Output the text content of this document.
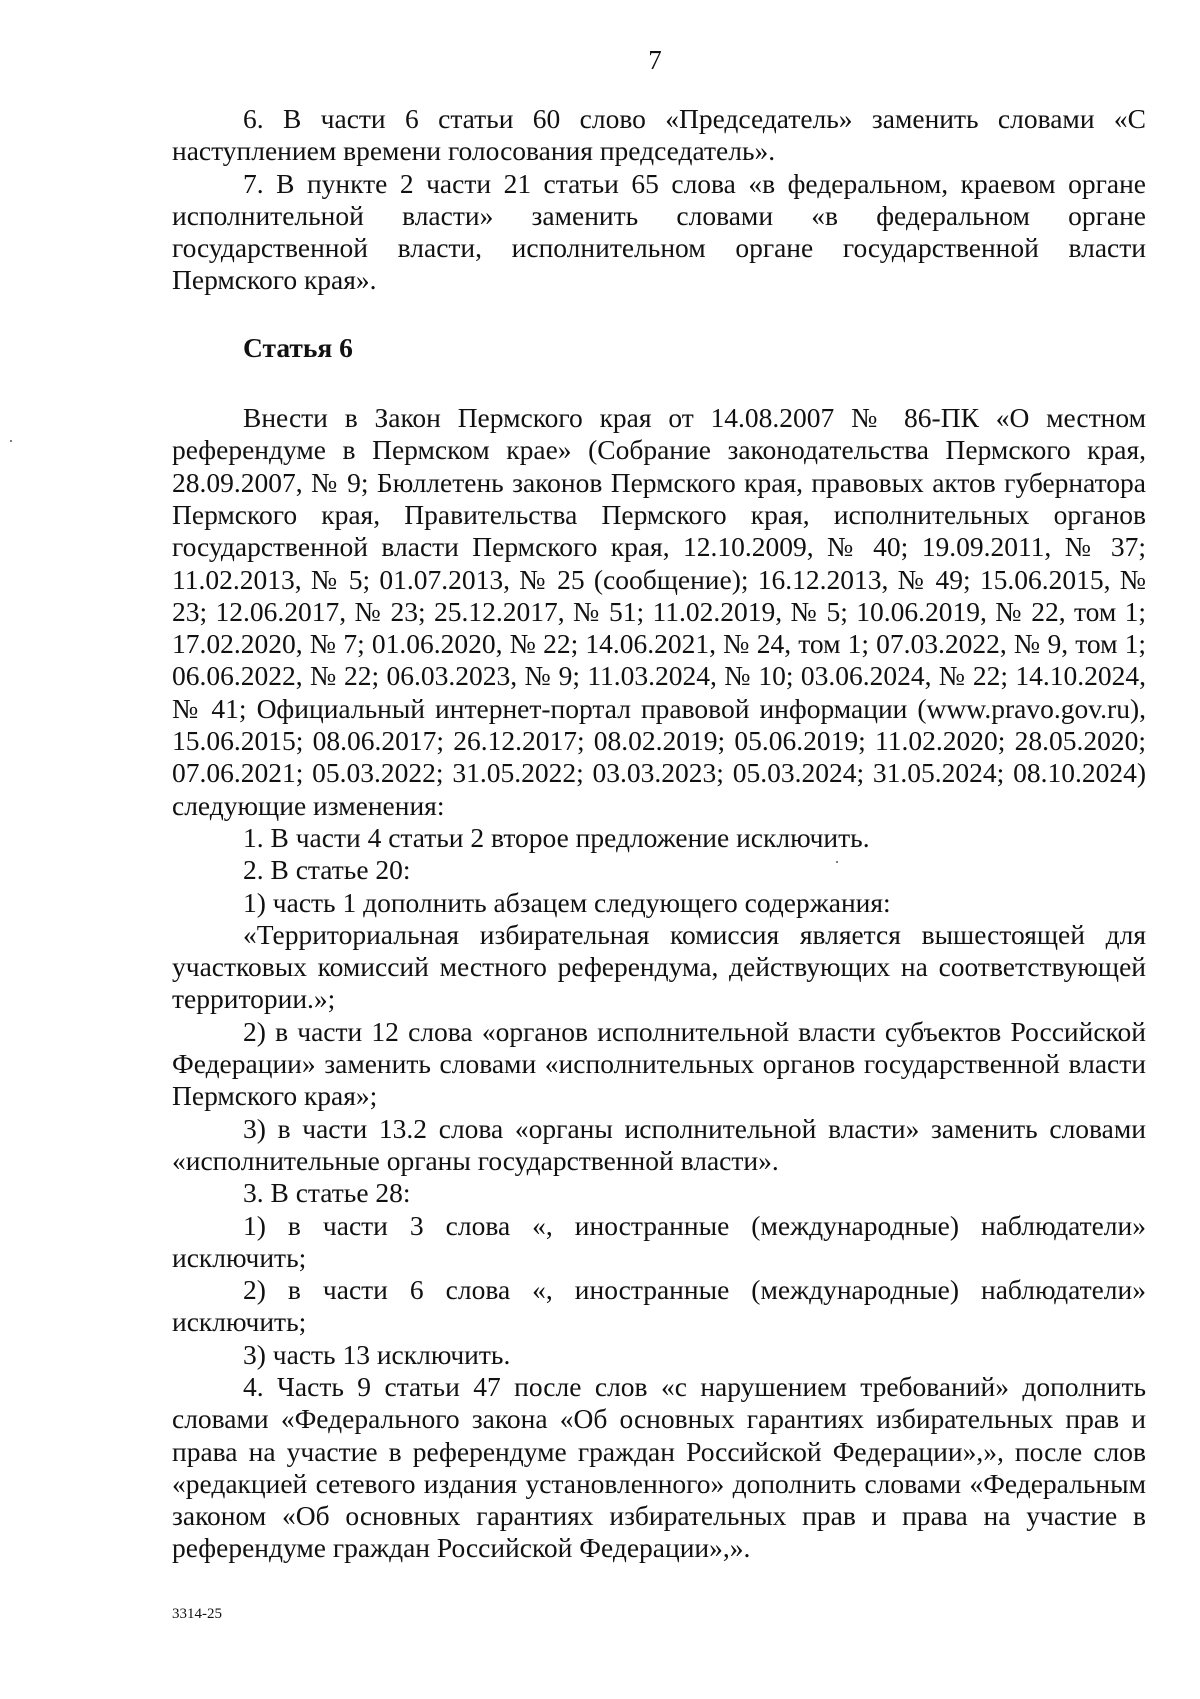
7

6. В части 6 статьи 60 слово «Председатель» заменить словами «С наступлением времени голосования председатель».

7. В пункте 2 части 21 статьи 65 слова «в федеральном, краевом органе исполнительной власти» заменить словами «в федеральном органе государственной власти, исполнительном органе государственной власти Пермского края».

Статья 6

Внести в Закон Пермского края от 14.08.2007 № 86-ПК «О местном референдуме в Пермском крае» (Собрание законодательства Пермского края, 28.09.2007, № 9; Бюллетень законов Пермского края, правовых актов губернатора Пермского края, Правительства Пермского края, исполнительных органов государственной власти Пермского края, 12.10.2009, № 40; 19.09.2011, № 37; 11.02.2013, № 5; 01.07.2013, № 25 (сообщение); 16.12.2013, № 49; 15.06.2015, № 23; 12.06.2017, № 23; 25.12.2017, № 51; 11.02.2019, № 5; 10.06.2019, № 22, том 1; 17.02.2020, № 7; 01.06.2020, № 22; 14.06.2021, № 24, том 1; 07.03.2022, № 9, том 1; 06.06.2022, № 22; 06.03.2023, № 9; 11.03.2024, № 10; 03.06.2024, № 22; 14.10.2024, № 41; Официальный интернет-портал правовой информации (www.pravo.gov.ru), 15.06.2015; 08.06.2017; 26.12.2017; 08.02.2019; 05.06.2019; 11.02.2020; 28.05.2020; 07.06.2021; 05.03.2022; 31.05.2022; 03.03.2023; 05.03.2024; 31.05.2024; 08.10.2024) следующие изменения:

1. В части 4 статьи 2 второе предложение исключить.

2. В статье 20:

1) часть 1 дополнить абзацем следующего содержания:

«Территориальная избирательная комиссия является вышестоящей для участковых комиссий местного референдума, действующих на соответствующей территории.»;

2) в части 12 слова «органов исполнительной власти субъектов Российской Федерации» заменить словами «исполнительных органов государственной власти Пермского края»;

3) в части 13.2 слова «органы исполнительной власти» заменить словами «исполнительные органы государственной власти».

3. В статье 28:

1) в части 3 слова «, иностранные (международные) наблюдатели» исключить;

2) в части 6 слова «, иностранные (международные) наблюдатели» исключить;

3) часть 13 исключить.

4. Часть 9 статьи 47 после слов «с нарушением требований» дополнить словами «Федерального закона «Об основных гарантиях избирательных прав и права на участие в референдуме граждан Российской Федерации»,», после слов «редакцией сетевого издания установленного» дополнить словами «Федеральным законом «Об основных гарантиях избирательных прав и права на участие в референдуме граждан Российской Федерации»,».

3314-25
